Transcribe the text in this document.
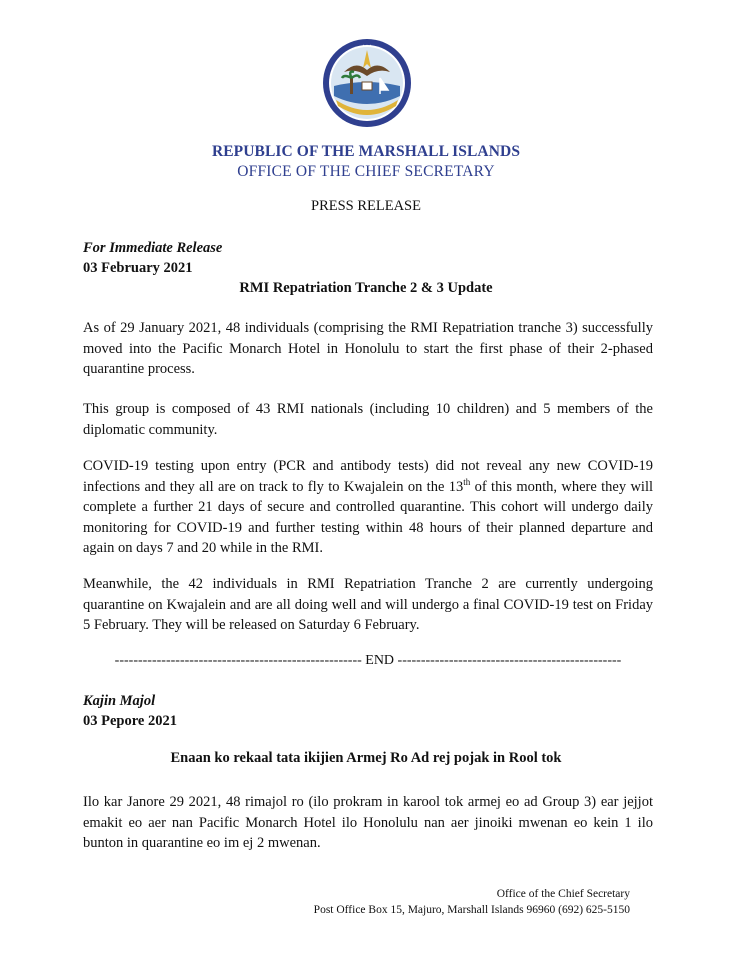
· · ·
REPUBLIC OF THE MARSHALL ISLANDS
OFFICE OF THE CHIEF SECRETARY
PRESS RELEASE
For Immediate Release
03 February 2021
RMI Repatriation Tranche 2 & 3 Update

As of 29 January 2021, 48 individuals (comprising the RMI Repatriation tranche 3) successfully moved into the Pacific Monarch Hotel in Honolulu to start the first phase of their 2-phased quarantine process.

This group is composed of 43 RMI nationals (including 10 children) and 5 members of the diplomatic community.

COVID-19 testing upon entry (PCR and antibody tests) did not reveal any new COVID-19 infections and they all are on track to fly to Kwajalein on the 13th of this month, where they will complete a further 21 days of secure and controlled quarantine. This cohort will undergo daily monitoring for COVID-19 and further testing within 48 hours of their planned departure and again on days 7 and 20 while in the RMI.

Meanwhile, the 42 individuals in RMI Repatriation Tranche 2 are currently undergoing quarantine on Kwajalein and are all doing well and will undergo a final COVID-19 test on Friday 5 February. They will be released on Saturday 6 February.

----------------------------------------------------- END ------------------------------------------------
Kajin Majol
03 Pepore 2021
Enaan ko rekaal tata ikijien Armej Ro Ad rej pojak in Rool tok

Ilo kar Janore 29 2021, 48 rimajol ro (ilo prokram in karool tok armej eo ad Group 3) ear jejjot emakit eo aer nan Pacific Monarch Hotel ilo Honolulu nan aer jinoiki mwenan eo kein 1 ilo bunton in quarantine eo im ej 2 mwenan.

Office of the Chief Secretary
Post Office Box 15, Majuro, Marshall Islands 96960 (692) 625-5150
